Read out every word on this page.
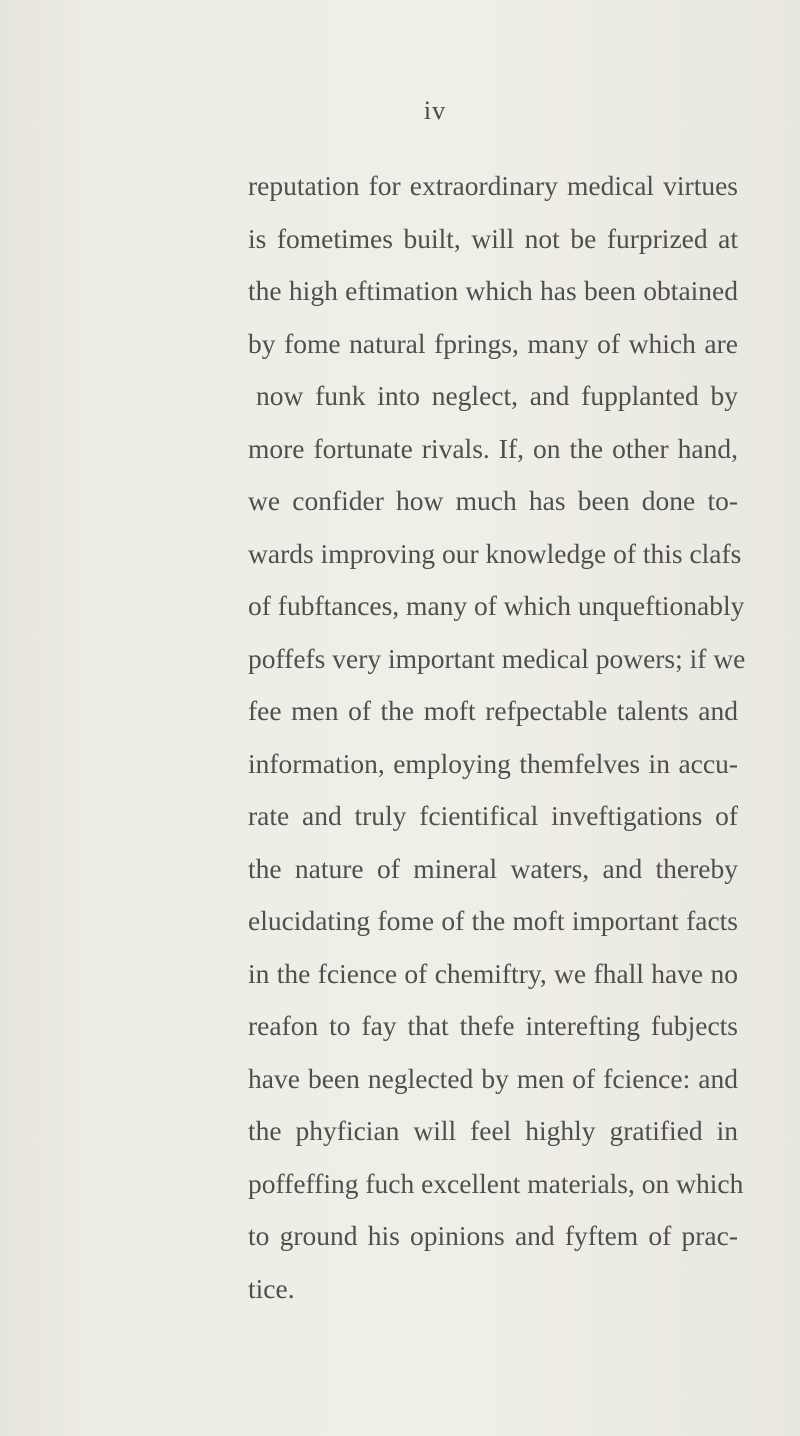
iv
reputation for extraordinary medical virtues
is fometimes built, will not be furprized at
the high eftimation which has been obtained
by fome natural fprings, many of which are
now funk into neglect, and fupplanted by
more fortunate rivals. If, on the other hand,
we confider how much has been done to-
wards improving our knowledge of this clafs
of fubftances, many of which unqueftionably
poffefs very important medical powers; if we
fee men of the moft refpectable talents and
information, employing themfelves in accu-
rate and truly fcientifical inveftigations of
the nature of mineral waters, and thereby
elucidating fome of the moft important facts
in the fcience of chemiftry, we fhall have no
reafon to fay that thefe interefting fubjects
have been neglected by men of fcience: and
the phyfician will feel highly gratified in
poffeffing fuch excellent materials, on which
to ground his opinions and fyftem of prac-
tice.
